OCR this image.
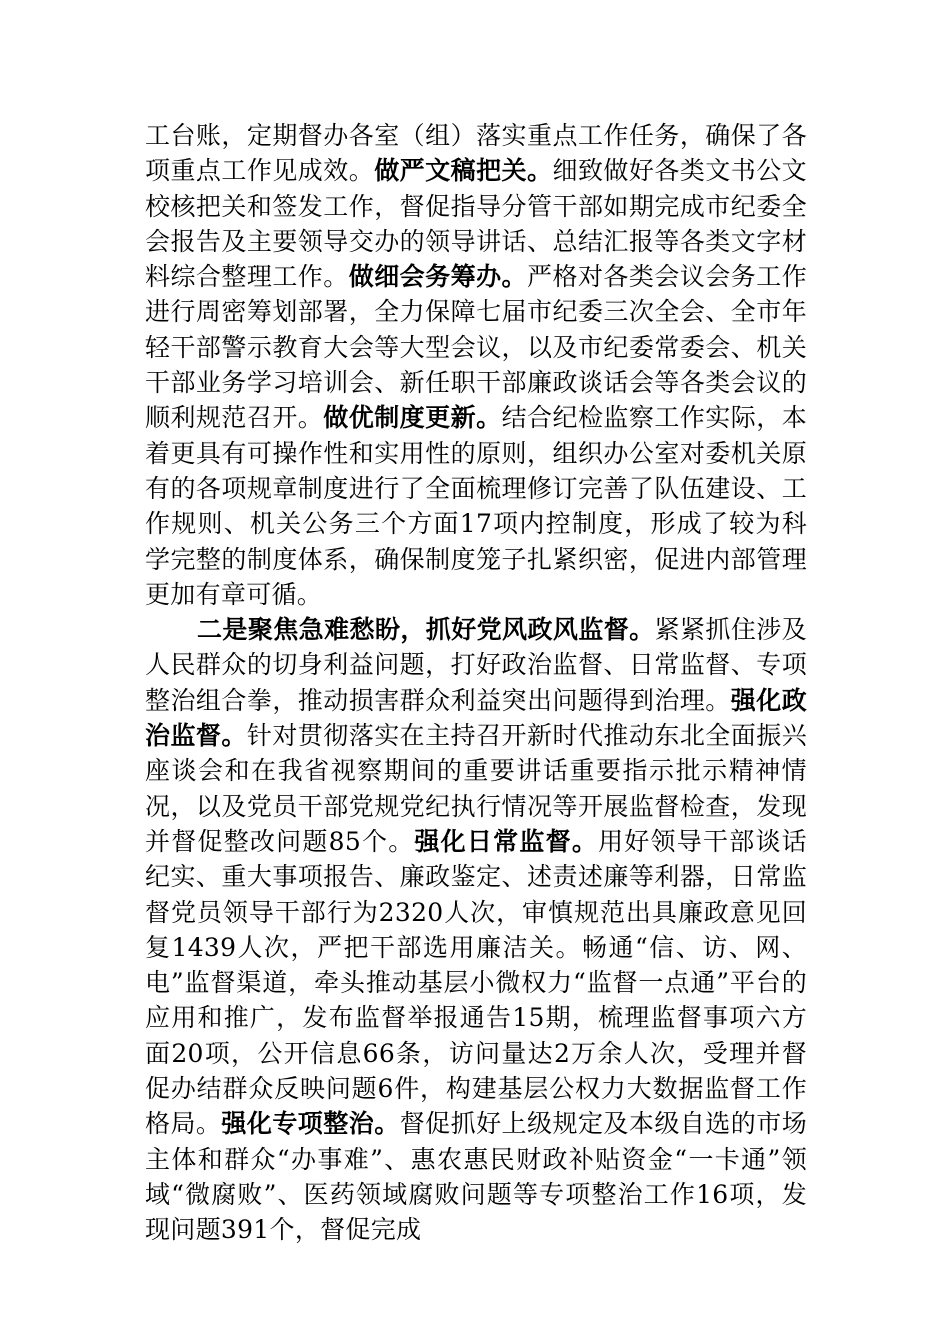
工台账，定期督办各室（组）落实重点工作任务，确保了各项重点工作见成效。做严文稿把关。细致做好各类文书公文校核把关和签发工作，督促指导分管干部如期完成市纪委全会报告及主要领导交办的领导讲话、总结汇报等各类文字材料综合整理工作。做细会务筹办。严格对各类会议会务工作进行周密筹划部署，全力保障七届市纪委三次全会、全市年轻干部警示教育大会等大型会议，以及市纪委常委会、机关干部业务学习培训会、新任职干部廉政谈话会等各类会议的顺利规范召开。做优制度更新。结合纪检监察工作实际，本着更具有可操作性和实用性的原则，组织办公室对委机关原有的各项规章制度进行了全面梳理修订完善了队伍建设、工作规则、机关公务三个方面17项内控制度，形成了较为科学完整的制度体系，确保制度笼子扎紧织密，促进内部管理更加有章可循。

二是聚焦急难愁盼，抓好党风政风监督。紧紧抓住涉及人民群众的切身利益问题，打好政治监督、日常监督、专项整治组合拳，推动损害群众利益突出问题得到治理。强化政治监督。针对贯彻落实在主持召开新时代推动东北全面振兴座谈会和在我省视察期间的重要讲话重要指示批示精神情况，以及党员干部党规党纪执行情况等开展监督检查，发现并督促整改问题85个。强化日常监督。用好领导干部谈话纪实、重大事项报告、廉政鉴定、述责述廉等利器，日常监督党员领导干部行为2320人次，审慎规范出具廉政意见回复1439人次，严把干部选用廉洁关。畅通“信、访、网、电”监督渠道，牵头推动基层小微权力“监督一点通”平台的应用和推广，发布监督举报通告15期，梳理监督事项六方面20项，公开信息66条，访问量达2万余人次，受理并督促办结群众反映问题6件，构建基层公权力大数据监督工作格局。强化专项整治。督促抓好上级规定及本级自选的市场主体和群众“办事难”、惠农惠民财政补贴资金“一卡通”领域“微腐败”、医药领域腐败问题等专项整治工作16项，发现问题391个，督促完成
